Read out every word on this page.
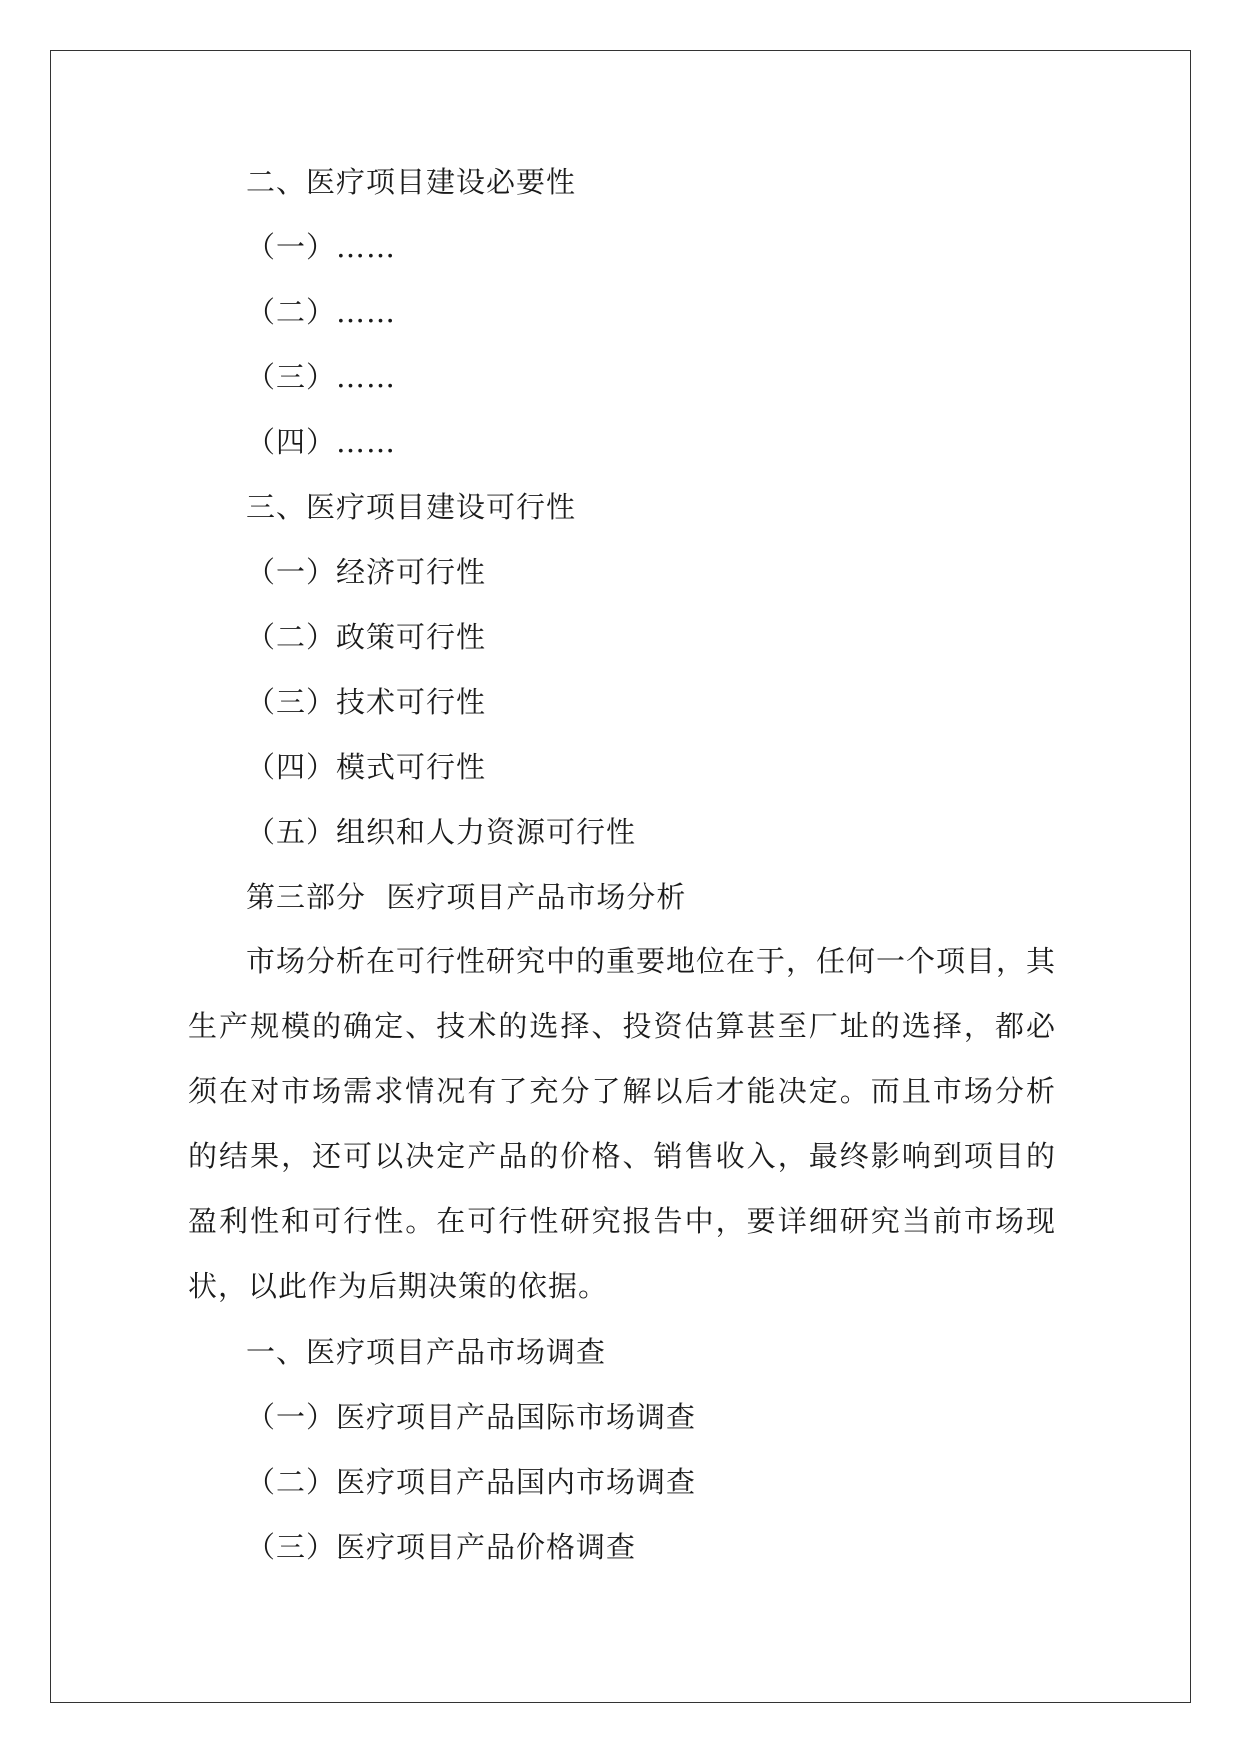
二、医疗项目建设必要性
（一）……
（二）……
（三）……
（四）……
三、医疗项目建设可行性
（一）经济可行性
（二）政策可行性
（三）技术可行性
（四）模式可行性
（五）组织和人力资源可行性
第三部分  医疗项目产品市场分析

市场分析在可行性研究中的重要地位在于，任何一个项目，其生产规模的确定、技术的选择、投资估算甚至厂址的选择，都必须在对市场需求情况有了充分了解以后才能决定。而且市场分析的结果，还可以决定产品的价格、销售收入，最终影响到项目的盈利性和可行性。在可行性研究报告中，要详细研究当前市场现状，以此作为后期决策的依据。

一、医疗项目产品市场调查
（一）医疗项目产品国际市场调查
（二）医疗项目产品国内市场调查
（三）医疗项目产品价格调查
